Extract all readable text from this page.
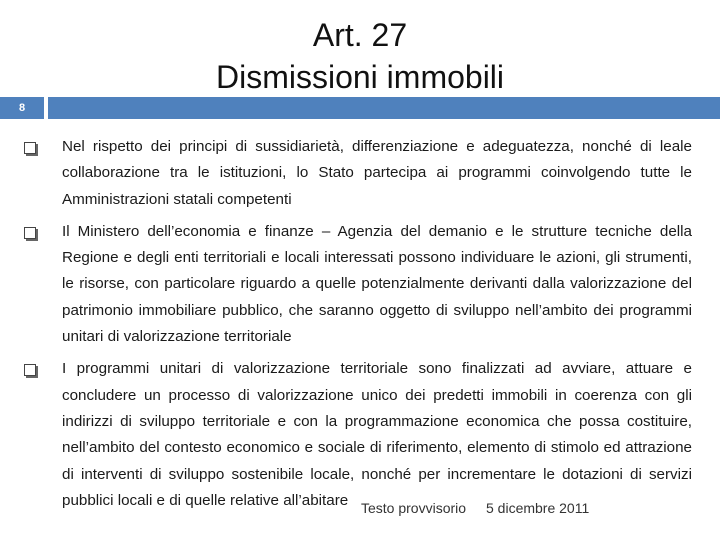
Art. 27
Dismissioni immobili
8
Nel rispetto dei principi di sussidiarietà, differenziazione e adeguatezza, nonché di leale collaborazione tra le istituzioni, lo Stato partecipa ai programmi coinvolgendo tutte le Amministrazioni statali competenti
Il Ministero dell’economia e finanze – Agenzia del demanio e le strutture tecniche della Regione e degli enti territoriali e locali interessati possono individuare le azioni, gli strumenti, le risorse, con particolare riguardo a quelle potenzialmente derivanti dalla valorizzazione del patrimonio immobiliare pubblico, che saranno oggetto di sviluppo nell’ambito dei programmi unitari di valorizzazione territoriale
I programmi unitari di valorizzazione territoriale sono finalizzati ad avviare, attuare e concludere un processo di valorizzazione unico dei predetti immobili in coerenza con gli indirizzi di sviluppo territoriale e con la programmazione economica che possa costituire, nell’ambito del contesto economico e sociale di riferimento, elemento di stimolo ed attrazione di interventi di sviluppo sostenibile locale, nonché per incrementare le dotazioni di servizi pubblici locali e di quelle relative all’abitare Testo provvisorio 5 dicembre 2011
